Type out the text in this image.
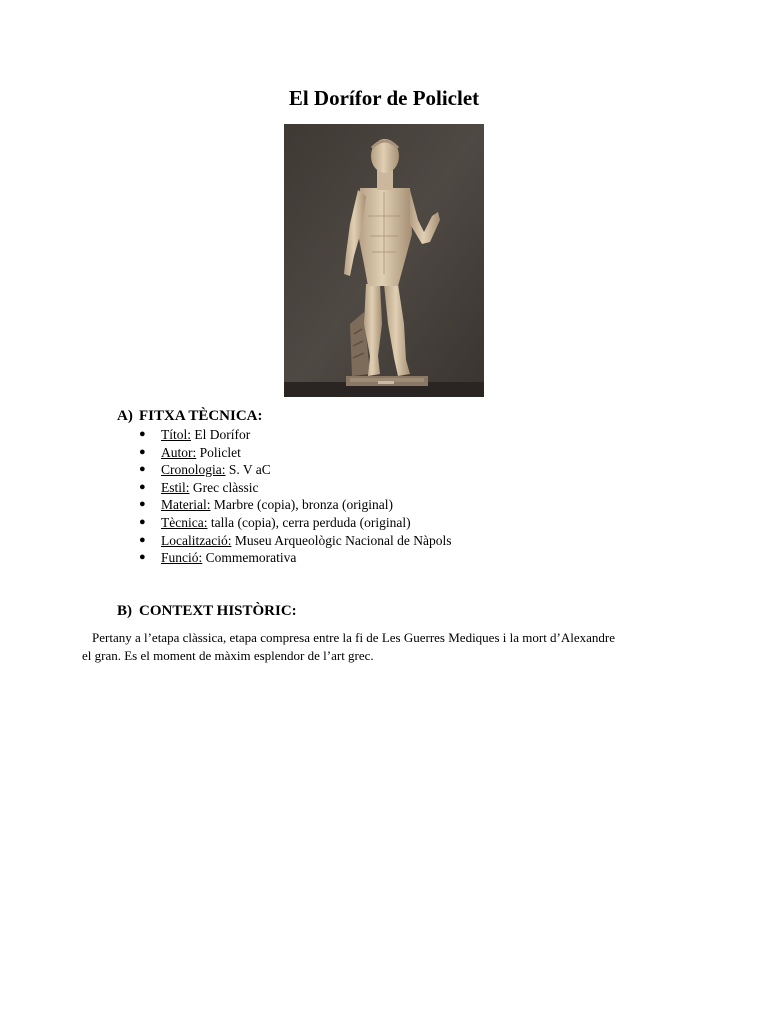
El Doríf​or de Policlet
A) FITXA TÈCNICA:
● Títol: El Doríf​or
● Autor: Policlet
● Cronologia: S. V aC
● Estil: Grec clàssic
● Material: Marbre (copia), bronza (original)
● Tècnica: talla (copia), cerra perduda (original)
● Localització: Museu Arqueològic Nacional de Nàpols
● Funció: Commemorativa
B) CONTEXT HISTÒRIC:

Pertany a l’etapa clàssica, etapa compresa entre la fi de Les Guerres Mediques i la mort d’Alexandre
el gran. Es el moment de màxim esplendor de l’art grec.
